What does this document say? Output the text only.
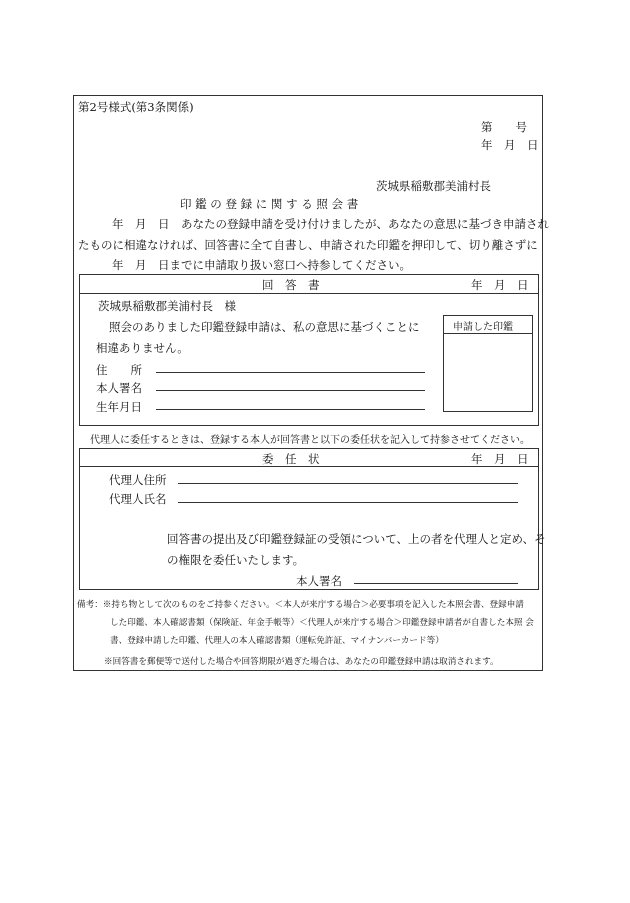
第2号様式(第3条関係)
第　　号
年　月　日
茨城県稲敷郡美浦村長
印 鑑 の 登 録 に 関 す る 照 会 書
年　月　日　あなたの登録申請を受け付けましたが、あなたの意思に基づき申請され
たものに相違なければ、回答書に全て自書し、申請された印鑑を押印して、切り離さずに
年　月　日までに申請取り扱い窓口へ持参してください。
回　答　書	年　月　日
茨城県稲敷郡美浦村長　様
照会のありました印鑑登録申請は、私の意思に基づくことに
相違ありません。
住　　所
本人署名
生年月日
申請した印鑑
代理人に委任するときは、登録する本人が回答書と以下の委任状を記入して持参させてください。
委　任　状	年　月　日
代理人住所
代理人氏名
回答書の提出及び印鑑登録証の受領について、上の者を代理人と定め、そ
の権限を委任いたします。
本人署名
備考：※持ち物として次のものをご持参ください。＜本人が来庁する場合＞必要事項を記入した本照会書、登録申請
した印鑑、本人確認書類（保険証、年金手帳等）＜代理人が来庁する場合＞印鑑登録申請者が自書した本照 会
書、登録申請した印鑑、代理人の本人確認書類（運転免許証、マイナンバーカード等）
※回答書を郵便等で送付した場合や回答期限が過ぎた場合は、あなたの印鑑登録申請は取消されます。
